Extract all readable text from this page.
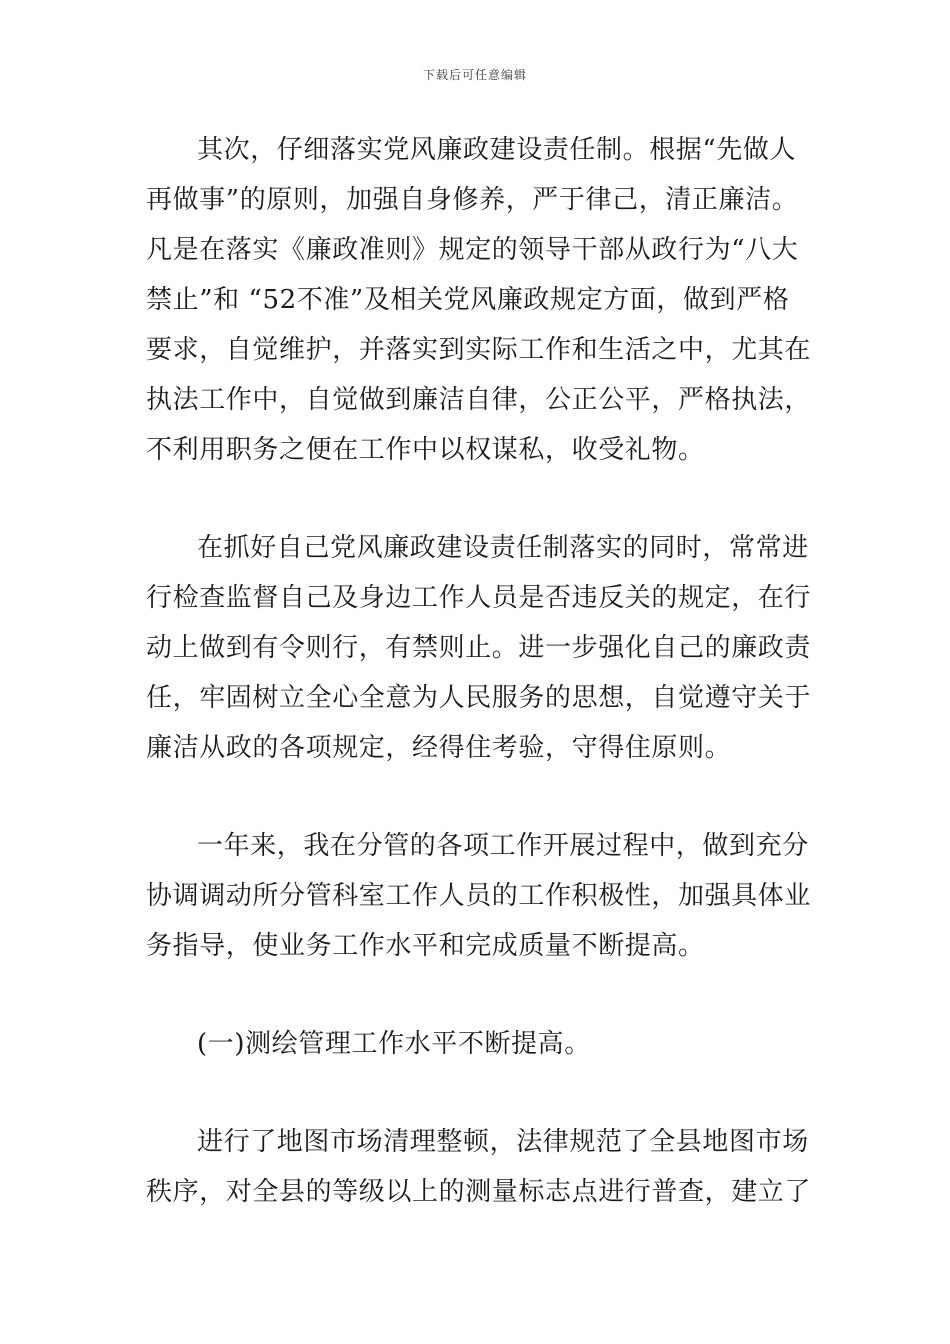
下载后可任意编辑
其次，仔细落实党风廉政建设责任制。根据“先做人
再做事”的原则，加强自身修养，严于律己，清正廉洁。
凡是在落实《廉政准则》规定的领导干部从政行为“八大
禁止”和 “52不准”及相关党风廉政规定方面，做到严格
要求，自觉维护，并落实到实际工作和生活之中，尤其在
执法工作中，自觉做到廉洁自律，公正公平，严格执法，
不利用职务之便在工作中以权谋私，收受礼物。
在抓好自己党风廉政建设责任制落实的同时，常常进
行检查监督自己及身边工作人员是否违反关的规定，在行
动上做到有令则行，有禁则止。进一步强化自己的廉政责
任，牢固树立全心全意为人民服务的思想，自觉遵守关于
廉洁从政的各项规定，经得住考验，守得住原则。
一年来，我在分管的各项工作开展过程中，做到充分
协调调动所分管科室工作人员的工作积极性，加强具体业
务指导，使业务工作水平和完成质量不断提高。
(一)测绘管理工作水平不断提高。
进行了地图市场清理整顿，法律规范了全县地图市场
秩序，对全县的等级以上的测量标志点进行普查，建立了
